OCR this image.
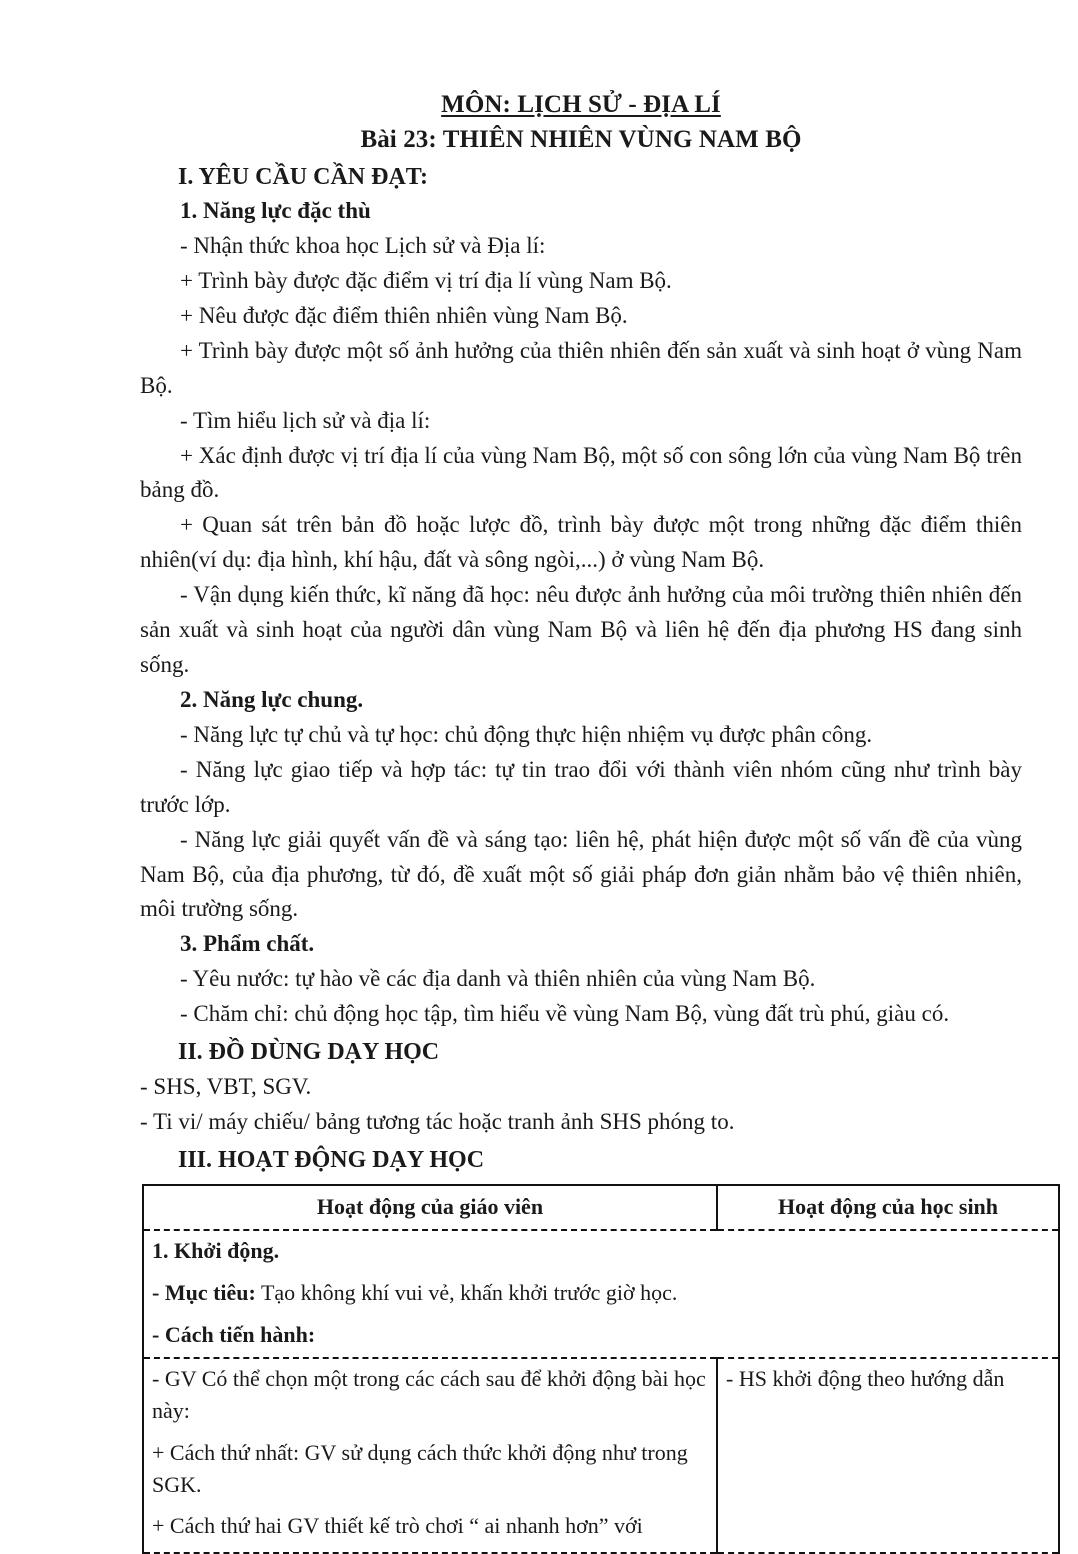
MÔN: LỊCH SỬ - ĐỊA LÍ
Bài 23: THIÊN NHIÊN VÙNG NAM BỘ
I. YÊU CẦU CẦN ĐẠT:
1. Năng lực đặc thù

- Nhận thức khoa học Lịch sử và Địa lí:

+ Trình bày được đặc điểm vị trí địa lí vùng Nam Bộ.

+ Nêu được đặc điểm thiên nhiên vùng Nam Bộ.

+ Trình bày được một số ảnh hưởng của thiên nhiên đến sản xuất và sinh hoạt ở vùng Nam Bộ.

- Tìm hiểu lịch sử và địa lí:

+ Xác định được vị trí địa lí của vùng Nam Bộ, một số con sông lớn của vùng Nam Bộ trên bảng đồ.

+ Quan sát trên bản đồ hoặc lược đồ, trình bày được một trong những đặc điểm thiên nhiên(ví dụ: địa hình, khí hậu, đất và sông ngòi,...) ở vùng Nam Bộ.

- Vận dụng kiến thức, kĩ năng đã học: nêu được ảnh hưởng của môi trường thiên nhiên đến sản xuất và sinh hoạt của người dân vùng Nam Bộ và liên hệ đến địa phương HS đang sinh sống.

2. Năng lực chung.

- Năng lực tự chủ và tự học: chủ động thực hiện nhiệm vụ được phân công.

- Năng lực giao tiếp và hợp tác: tự tin trao đổi với thành viên nhóm cũng như trình bày trước lớp.

- Năng lực giải quyết vấn đề và sáng tạo: liên hệ, phát hiện được một số vấn đề của vùng Nam Bộ, của địa phương, từ đó, đề xuất một số giải pháp đơn giản nhằm bảo vệ thiên nhiên, môi trường sống.

3. Phẩm chất.

- Yêu nước: tự hào về các địa danh và thiên nhiên của vùng Nam Bộ.

- Chăm chỉ: chủ động học tập, tìm hiểu về vùng Nam Bộ, vùng đất trù phú, giàu có.

II. ĐỒ DÙNG DẠY HỌC

- SHS, VBT, SGV.

- Ti vi/ máy chiếu/ bảng tương tác hoặc tranh ảnh SHS phóng to.

III. HOẠT ĐỘNG DẠY HỌC
Hoạt động của giáo viên	Hoạt động của học sinh

1. Khởi động.

- Mục tiêu: Tạo không khí vui vẻ, khấn khởi trước giờ học.

- Cách tiến hành:	

- GV Có thể chọn một trong các cách sau để khởi động bài học này:

+ Cách thứ nhất: GV sử dụng cách thức khởi động như trong SGK.

+ Cách thứ hai GV thiết kế trò chơi “ ai nhanh hơn” với	- HS khởi động theo hướng dẫn
